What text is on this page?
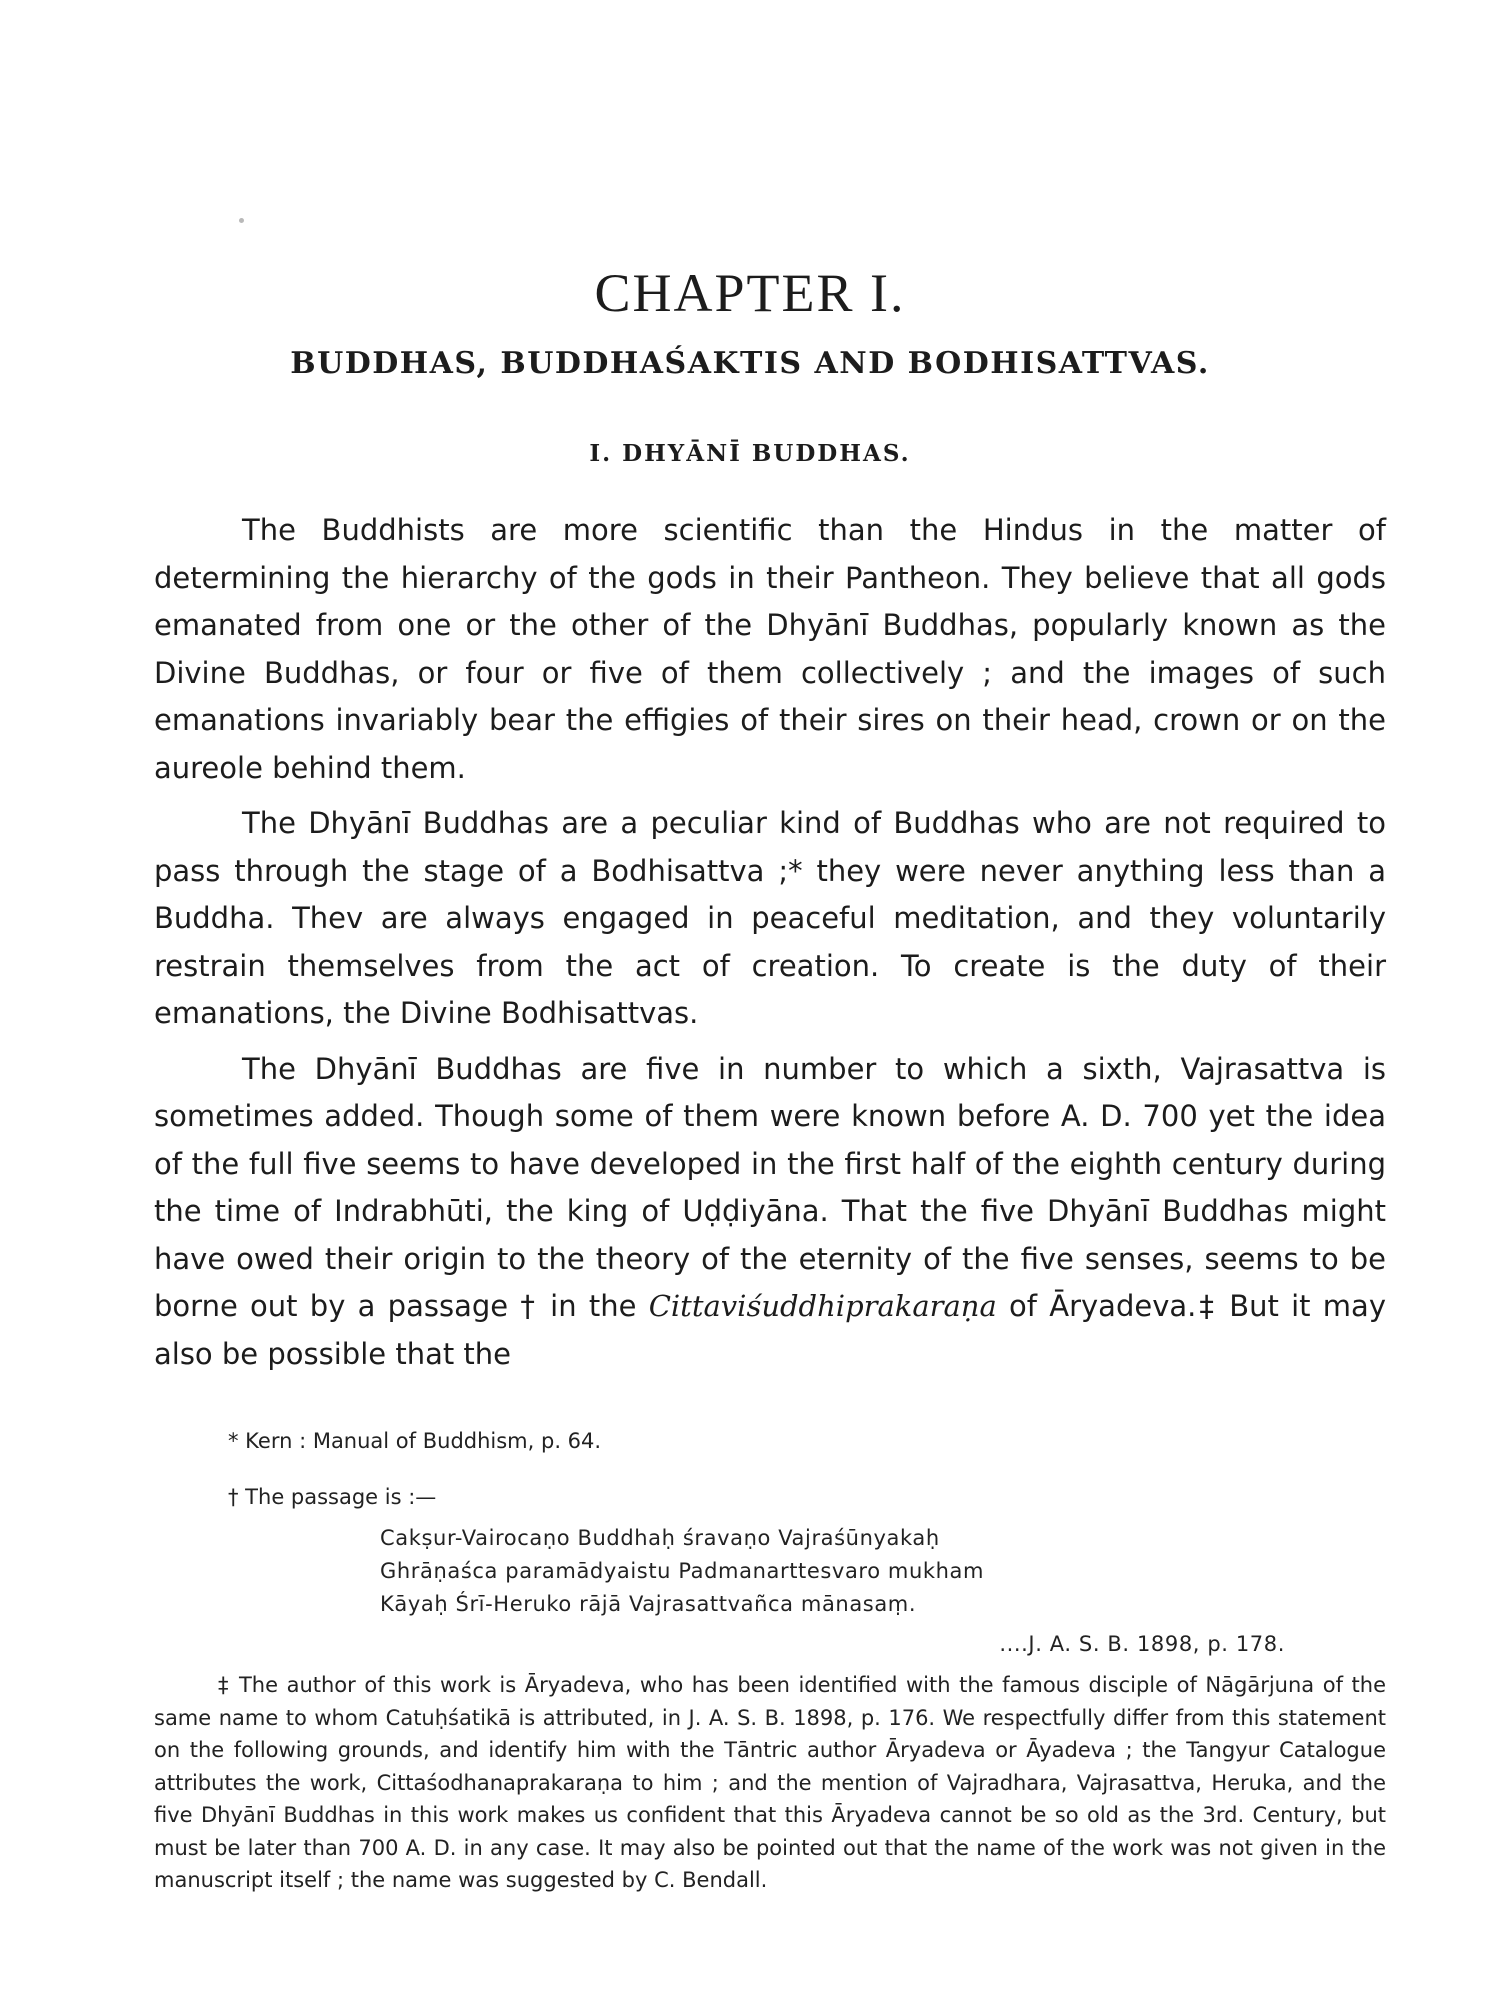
CHAPTER I.
BUDDHAS, BUDDHAŚAKTIS AND BODHISATTVAS.
I. DHYĀNĪ BUDDHAS.

The Buddhists are more scientific than the Hindus in the matter of determining the hierarchy of the gods in their Pantheon. They believe that all gods emanated from one or the other of the Dhyānī Buddhas, popularly known as the Divine Buddhas, or four or five of them collectively ; and the images of such emanations invariably bear the effigies of their sires on their head, crown or on the aureole behind them.

The Dhyānī Buddhas are a peculiar kind of Buddhas who are not required to pass through the stage of a Bodhisattva ;* they were never anything less than a Buddha. Thev are always engaged in peaceful meditation, and they voluntarily restrain themselves from the act of creation. To create is the duty of their emanations, the Divine Bodhisattvas.

The Dhyānī Buddhas are five in number to which a sixth, Vajrasattva is sometimes added. Though some of them were known before A. D. 700 yet the idea of the full five seems to have developed in the first half of the eighth century during the time of Indrabhūti, the king of Uḍḍiyāna. That the five Dhyānī Buddhas might have owed their origin to the theory of the eternity of the five senses, seems to be borne out by a passage † in the Cittaviśuddhiprakaraṇa of Āryadeva.‡ But it may also be possible that the

* Kern : Manual of Buddhism, p. 64.
† The passage is :—
Cakṣur-Vairocaṇo Buddhaḥ śravaṇo Vajraśūnyakaḥ
Ghrāṇaśca paramādyaistu Padmanarttesvaro mukham
Kāyaḥ Śrī-Heruko rājā Vajrasattvañca mānasaṃ.
....J. A. S. B. 1898, p. 178.
‡ The author of this work is Āryadeva, who has been identified with the famous disciple of Nāgārjuna of the same name to whom Catuḥśatikā is attributed, in J. A. S. B. 1898, p. 176. We respectfully differ from this statement on the following grounds, and identify him with the Tāntric author Āryadeva or Āyadeva ; the Tangyur Catalogue attributes the work, Cittaśodhanaprakaraṇa to him ; and the mention of Vajradhara, Vajrasattva, Heruka, and the five Dhyānī Buddhas in this work makes us confident that this Āryadeva cannot be so old as the 3rd. Century, but must be later than 700 A. D. in any case. It may also be pointed out that the name of the work was not given in the manuscript itself ; the name was suggested by C. Bendall.
